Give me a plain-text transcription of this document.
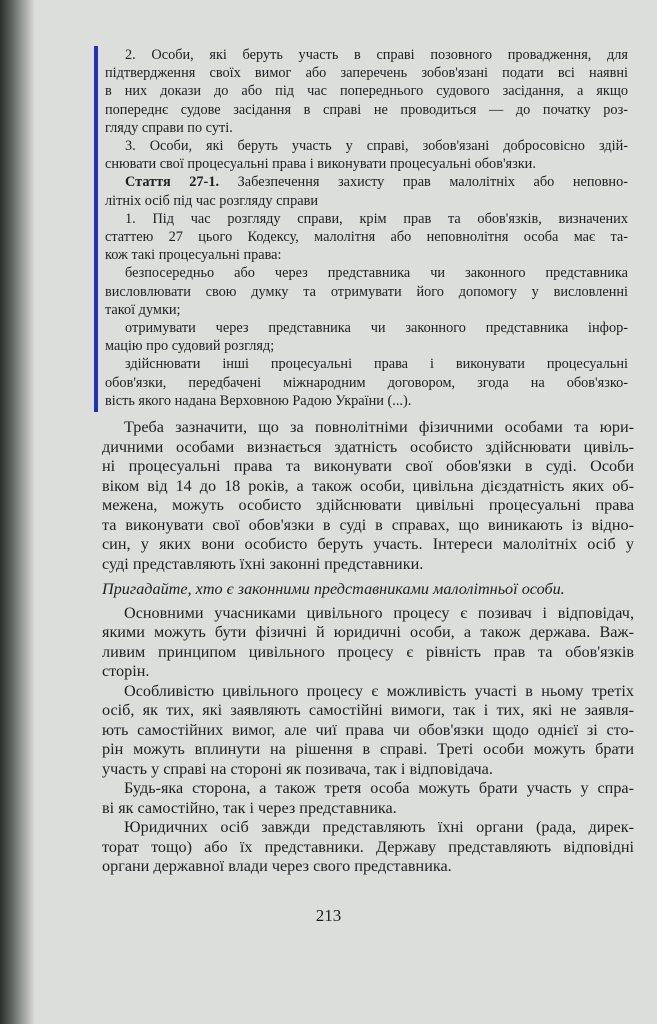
2. Особи, які беруть участь в справі позовного провадження, для
підтвердження своїх вимог або заперечень зобов'язані подати всі наявні
в них докази до або під час попереднього судового засідання, а якщо
попереднє судове засідання в справі не проводиться — до початку роз-
гляду справи по суті.
3. Особи, які беруть участь у справі, зобов'язані добросовісно здій-
снювати свої процесуальні права і виконувати процесуальні обов'язки.
Стаття 27-1. Забезпечення захисту прав малолітніх або неповно-
літніх осіб під час розгляду справи
1. Під час розгляду справи, крім прав та обов'язків, визначених
статтею 27 цього Кодексу, малолітня або неповнолітня особа має та-
кож такі процесуальні права:
безпосередньо або через представника чи законного представника
висловлювати свою думку та отримувати його допомогу у висловленні
такої думки;
отримувати через представника чи законного представника інфор-
мацію про судовий розгляд;
здійснювати інші процесуальні права і виконувати процесуальні
обов'язки, передбачені міжнародним договором, згода на обов'язко-
вість якого надана Верховною Радою України (...).
Треба зазначити, що за повнолітніми фізичними особами та юри-
дичними особами визнається здатність особисто здійснювати цивіль-
ні процесуальні права та виконувати свої обов'язки в суді. Особи
віком від 14 до 18 років, а також особи, цивільна дієздатність яких об-
межена, можуть особисто здійснювати цивільні процесуальні права
та виконувати свої обов'язки в суді в справах, що виникають із відно-
син, у яких вони особисто беруть участь. Інтереси малолітніх осіб у
суді представляють їхні законні представники.
Пригадайте, хто є законними представниками малолітньої особи.
Основними учасниками цивільного процесу є позивач і відповідач,
якими можуть бути фізичні й юридичні особи, а також держава. Важ-
ливим принципом цивільного процесу є рівність прав та обов'язків
сторін.
Особливістю цивільного процесу є можливість участі в ньому третіх
осіб, як тих, які заявляють самостійні вимоги, так і тих, які не заявля-
ють самостійних вимог, але чиї права чи обов'язки щодо однієї зі сто-
рін можуть вплинути на рішення в справі. Треті особи можуть брати
участь у справі на стороні як позивача, так і відповідача.
Будь-яка сторона, а також третя особа можуть брати участь у спра-
ві як самостійно, так і через представника.
Юридичних осіб завжди представляють їхні органи (рада, дирек-
торат тощо) або їх представники. Державу представляють відповідні
органи державної влади через свого представника.
213
